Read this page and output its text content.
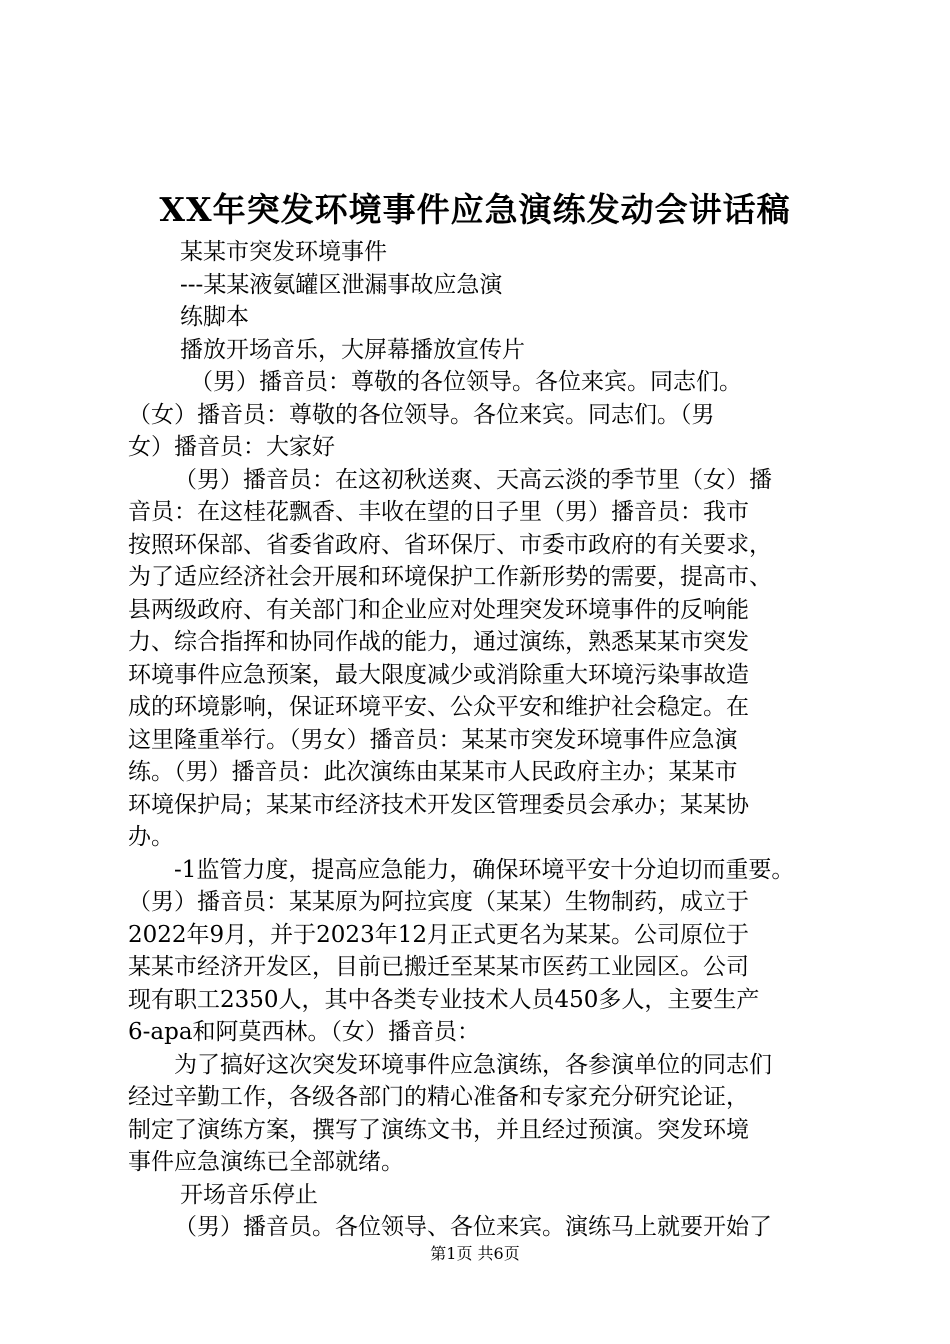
XX年突发环境事件应急演练发动会讲话稿
某某市突发环境事件
---某某液氨罐区泄漏事故应急演
练脚本
播放开场音乐，大屏幕播放宣传片
（男）播音员：尊敬的各位领导。各位来宾。同志们。
（女）播音员：尊敬的各位领导。各位来宾。同志们。（男
女）播音员：大家好
（男）播音员：在这初秋送爽、天高云淡的季节里（女）播
音员：在这桂花飘香、丰收在望的日子里（男）播音员：我市
按照环保部、省委省政府、省环保厅、市委市政府的有关要求，
为了适应经济社会开展和环境保护工作新形势的需要，提高市、
县两级政府、有关部门和企业应对处理突发环境事件的反响能
力、综合指挥和协同作战的能力，通过演练，熟悉某某市突发
环境事件应急预案，最大限度减少或消除重大环境污染事故造
成的环境影响，保证环境平安、公众平安和维护社会稳定。在
这里隆重举行。（男女）播音员：某某市突发环境事件应急演
练。（男）播音员：此次演练由某某市人民政府主办；某某市
环境保护局；某某市经济技术开发区管理委员会承办；某某协
办。
-1监管力度，提高应急能力，确保环境平安十分迫切而重要。
（男）播音员：某某原为阿拉宾度（某某）生物制药，成立于
2022年9月，并于2023年12月正式更名为某某。公司原位于
某某市经济开发区，目前已搬迁至某某市医药工业园区。公司
现有职工2350人，其中各类专业技术人员450多人，主要生产
6-apa和阿莫西林。（女）播音员：
为了搞好这次突发环境事件应急演练，各参演单位的同志们
经过辛勤工作，各级各部门的精心准备和专家充分研究论证，
制定了演练方案，撰写了演练文书，并且经过预演。突发环境
事件应急演练已全部就绪。
开场音乐停止
（男）播音员。各位领导、各位来宾。演练马上就要开始了
第1页 共6页
